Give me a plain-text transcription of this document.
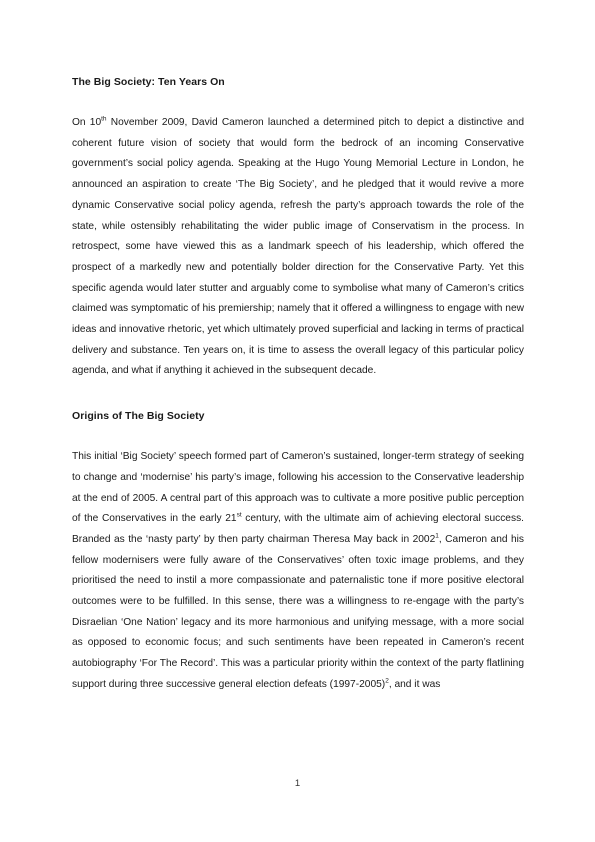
The Big Society: Ten Years On

On 10th November 2009, David Cameron launched a determined pitch to depict a distinctive and coherent future vision of society that would form the bedrock of an incoming Conservative government’s social policy agenda. Speaking at the Hugo Young Memorial Lecture in London, he announced an aspiration to create ‘The Big Society’, and he pledged that it would revive a more dynamic Conservative social policy agenda, refresh the party’s approach towards the role of the state, while ostensibly rehabilitating the wider public image of Conservatism in the process. In retrospect, some have viewed this as a landmark speech of his leadership, which offered the prospect of a markedly new and potentially bolder direction for the Conservative Party. Yet this specific agenda would later stutter and arguably come to symbolise what many of Cameron’s critics claimed was symptomatic of his premiership; namely that it offered a willingness to engage with new ideas and innovative rhetoric, yet which ultimately proved superficial and lacking in terms of practical delivery and substance. Ten years on, it is time to assess the overall legacy of this particular policy agenda, and what if anything it achieved in the subsequent decade.

Origins of The Big Society

This initial ‘Big Society’ speech formed part of Cameron’s sustained, longer-term strategy of seeking to change and ‘modernise’ his party’s image, following his accession to the Conservative leadership at the end of 2005. A central part of this approach was to cultivate a more positive public perception of the Conservatives in the early 21st century, with the ultimate aim of achieving electoral success. Branded as the ‘nasty party’ by then party chairman Theresa May back in 2002$^1$, Cameron and his fellow modernisers were fully aware of the Conservatives’ often toxic image problems, and they prioritised the need to instil a more compassionate and paternalistic tone if more positive electoral outcomes were to be fulfilled. In this sense, there was a willingness to re-engage with the party’s Disraelian ‘One Nation’ legacy and its more harmonious and unifying message, with a more social as opposed to economic focus; and such sentiments have been repeated in Cameron’s recent autobiography ‘For The Record’. This was a particular priority within the context of the party flatlining support during three successive general election defeats (1997-2005)$^2$, and it was

1
